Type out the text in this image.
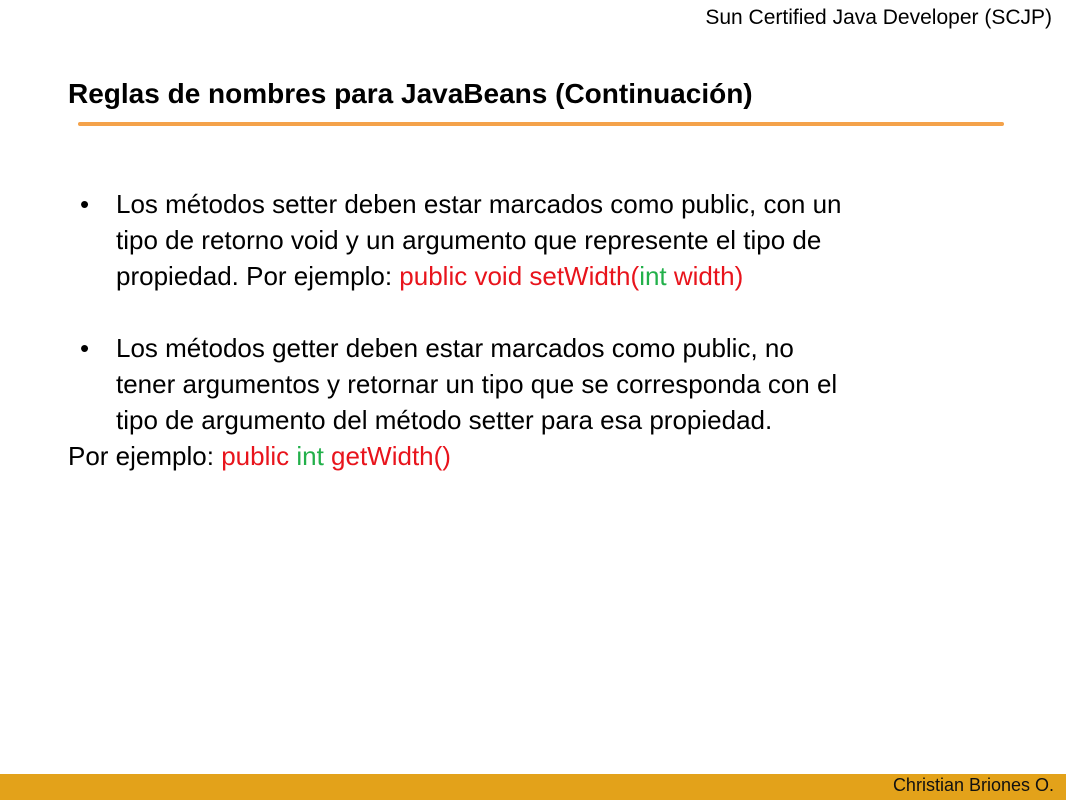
Sun Certified Java Developer (SCJP)
Reglas de nombres para JavaBeans (Continuación)
• Los métodos setter deben estar marcados como public, con un
tipo de retorno void y un argumento que represente el tipo de
propiedad. Por ejemplo: public void setWidth(int width)
• Los métodos getter deben estar marcados como public, no
tener argumentos y retornar un tipo que se corresponda con el
tipo de argumento del método setter para esa propiedad.
Por ejemplo: public int getWidth()
Christian Briones O.
